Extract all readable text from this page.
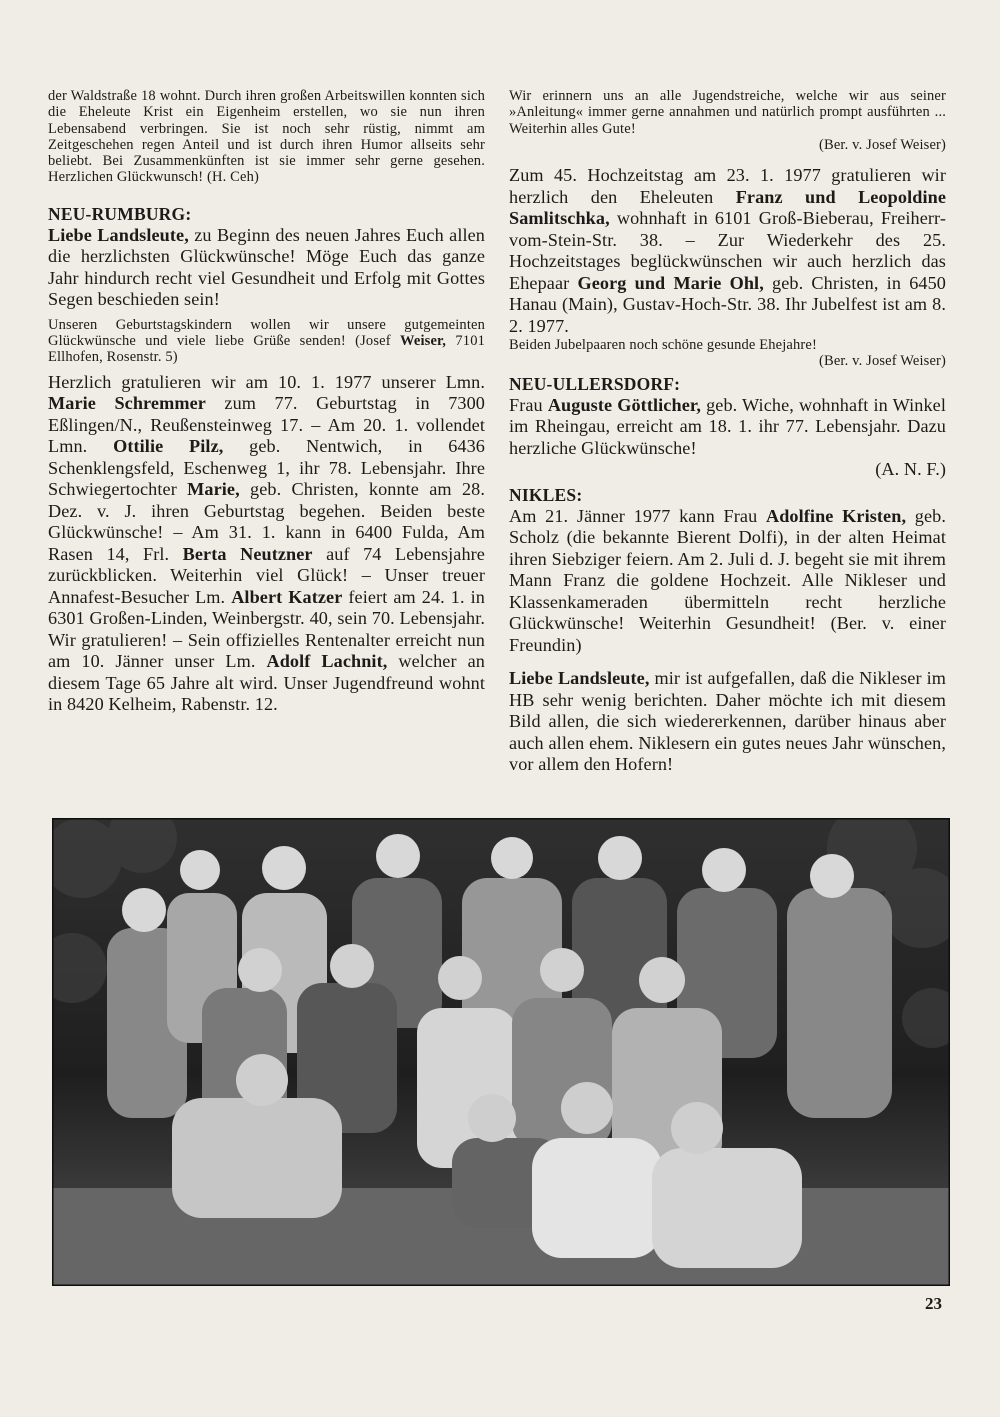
der Waldstraße 18 wohnt. Durch ihren großen Arbeitswillen konnten sich die Eheleute Krist ein Eigenheim erstellen, wo sie nun ihren Lebensabend verbringen. Sie ist noch sehr rüstig, nimmt am Zeitgeschehen regen Anteil und ist durch ihren Humor allseits sehr beliebt. Bei Zusammenkünften ist sie immer sehr gerne gesehen. Herzlichen Glückwunsch! (H. Ceh)

NEU-RUMBURG:

Liebe Landsleute, zu Beginn des neuen Jahres Euch allen die herzlichsten Glückwünsche! Möge Euch das ganze Jahr hindurch recht viel Gesundheit und Erfolg mit Gottes Segen beschieden sein!

Unseren Geburtstagskindern wollen wir unsere gutgemeinten Glückwünsche und viele liebe Grüße senden! (Josef Weiser, 7101 Ellhofen, Rosenstr. 5)

Herzlich gratulieren wir am 10. 1. 1977 unserer Lmn. Marie Schremmer zum 77. Geburtstag in 7300 Eßlingen/N., Reußensteinweg 17. – Am 20. 1. vollendet Lmn. Ottilie Pilz, geb. Nentwich, in 6436 Schenklengsfeld, Eschenweg 1, ihr 78. Lebensjahr. Ihre Schwiegertochter Marie, geb. Christen, konnte am 28. Dez. v. J. ihren Geburtstag begehen. Beiden beste Glückwünsche! – Am 31. 1. kann in 6400 Fulda, Am Rasen 14, Frl. Berta Neutzner auf 74 Lebensjahre zurückblicken. Weiterhin viel Glück! – Unser treuer Annafest-Besucher Lm. Albert Katzer feiert am 24. 1. in 6301 Großen-Linden, Weinbergstr. 40, sein 70. Lebensjahr. Wir gratulieren! – Sein offizielles Rentenalter erreicht nun am 10. Jänner unser Lm. Adolf Lachnit, welcher an diesem Tage 65 Jahre alt wird. Unser Jugendfreund wohnt in 8420 Kelheim, Rabenstr. 12.

Wir erinnern uns an alle Jugendstreiche, welche wir aus seiner »Anleitung« immer gerne annahmen und natürlich prompt ausführten ... Weiterhin alles Gute!

(Ber. v. Josef Weiser)

Zum 45. Hochzeitstag am 23. 1. 1977 gratulieren wir herzlich den Eheleuten Franz und Leopoldine Samlitschka, wohnhaft in 6101 Groß-Bieberau, Freiherr-vom-Stein-Str. 38. – Zur Wiederkehr des 25. Hochzeitstages beglückwünschen wir auch herzlich das Ehepaar Georg und Marie Ohl, geb. Christen, in 6450 Hanau (Main), Gustav-Hoch-Str. 38. Ihr Jubelfest ist am 8. 2. 1977.

Beiden Jubelpaaren noch schöne gesunde Ehejahre!

(Ber. v. Josef Weiser)

NEU-ULLERSDORF:

Frau Auguste Göttlicher, geb. Wiche, wohnhaft in Winkel im Rheingau, erreicht am 18. 1. ihr 77. Lebensjahr. Dazu herzliche Glückwünsche!

(A. N. F.)

NIKLES:

Am 21. Jänner 1977 kann Frau Adolfine Kristen, geb. Scholz (die bekannte Bierent Dolfi), in der alten Heimat ihren Siebziger feiern. Am 2. Juli d. J. begeht sie mit ihrem Mann Franz die goldene Hochzeit. Alle Nikleser und Klassenkameraden übermitteln recht herzliche Glückwünsche! Weiterhin Gesundheit! (Ber. v. einer Freundin)

Liebe Landsleute, mir ist aufgefallen, daß die Nikleser im HB sehr wenig berichten. Daher möchte ich mit diesem Bild allen, die sich wiedererkennen, darüber hinaus aber auch allen ehem. Niklesern ein gutes neues Jahr wünschen, vor allem den Hofern!

23
